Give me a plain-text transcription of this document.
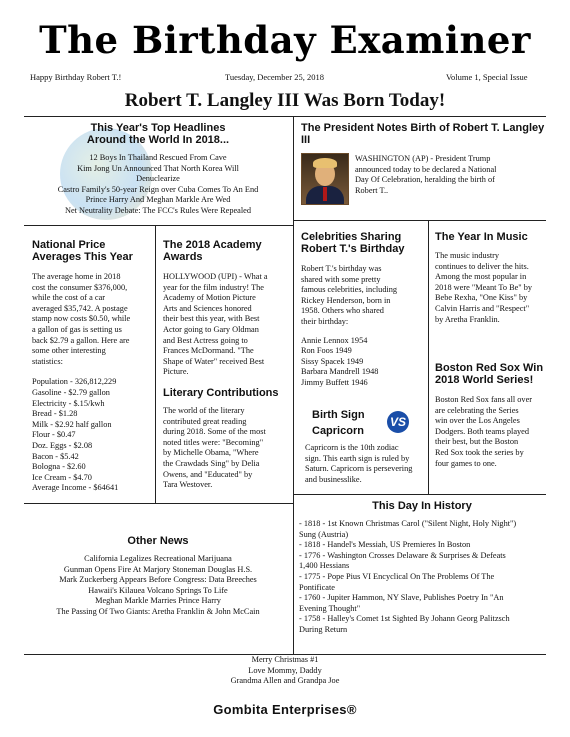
The Birthday Examiner
Happy Birthday Robert T.!	Tuesday, December 25, 2018	Volume 1, Special Issue
Robert T. Langley III Was Born Today!
This Year's Top Headlines
Around the World In 2018...
12 Boys In Thailand Rescued From Cave
Kim Jong Un Announced That North Korea Will
Denuclearize
Castro Family's 50-year Reign over Cuba Comes To An End
Prince Harry And Meghan Markle Are Wed
Net Neutrality Debate: The FCC's Rules Were Repealed
The President Notes Birth of Robert T. Langley
III
WASHINGTON (AP) - President Trump
announced today to be declared a National
Day Of Celebration, heralding the birth of
Robert T..
National Price
Averages This Year
The average home in 2018
cost the consumer $376,000,
while the cost of a car
averaged $35,742. A postage
stamp now costs $0.50, while
a gallon of gas is setting us
back $2.79 a gallon. Here are
some other interesting
statistics:
Population - 326,812,229
Gasoline - $2.79 gallon
Electricity - $.15/kwh
Bread - $1.28
Milk - $2.92 half gallon
Flour - $0.47
Doz. Eggs - $2.08
Bacon - $5.42
Bologna - $2.60
Ice Cream - $4.70
Average Income - $64641
The 2018 Academy
Awards
HOLLYWOOD (UPI) - What a
year for the film industry! The
Academy of Motion Picture
Arts and Sciences honored
their best this year, with Best
Actor going to Gary Oldman
and Best Actress going to
Frances McDormand. "The
Shape of Water" received Best
Picture.
Literary Contributions
The world of the literary
contributed great reading
during 2018. Some of the most
noted titles were: "Becoming"
by Michelle Obama, "Where
the Crawdads Sing" by Delia
Owens, and "Educated" by
Tara Westover.
Celebrities Sharing
Robert T.'s Birthday
Robert T.'s birthday was
shared with some pretty
famous celebrities, including
Rickey Henderson, born in
1958. Others who shared
their birthday:
Annie Lennox 1954
Ron Foos 1949
Sissy Spacek 1949
Barbara Mandrell 1948
Jimmy Buffett 1946
Birth Sign
Capricorn
VS
Capricorn is the 10th zodiac
sign. This earth sign is ruled by
Saturn. Capricorn is persevering
and businesslike.
The Year In Music
The music industry
continues to deliver the hits.
Among the most popular in
2018 were "Meant To Be" by
Bebe Rexha, "One Kiss" by
Calvin Harris and "Respect"
by Aretha Franklin.
Boston Red Sox Win
2018 World Series!
Boston Red Sox fans all over
are celebrating the Series
win over the Los Angeles
Dodgers. Both teams played
their best, but the Boston
Red Sox took the series by
four games to one.
This Day In History
- 1818 - 1st Known Christmas Carol ("Silent Night, Holy Night")
Sung (Austria)
- 1818 - Handel's Messiah, US Premieres In Boston
- 1776 - Washington Crosses Delaware & Surprises & Defeats
1,400 Hessians
- 1775 - Pope Pius VI Encyclical On The Problems Of The
Pontificate
- 1760 - Jupiter Hammon, NY Slave, Publishes Poetry In "An
Evening Thought"
- 1758 - Halley's Comet 1st Sighted By Johann Georg Palitzsch
During Return
Other News
California Legalizes Recreational Marijuana
Gunman Opens Fire At Marjory Stoneman Douglas H.S.
Mark Zuckerberg Appears Before Congress: Data Breeches
Hawaii's Kilauea Volcano Springs To Life
Meghan Markle Marries Prince Harry
The Passing Of Two Giants: Aretha Franklin & John McCain
Merry Christmas #1
Love Mommy, Daddy
Grandma Allen and Grandpa Joe
Gombita Enterprises®
